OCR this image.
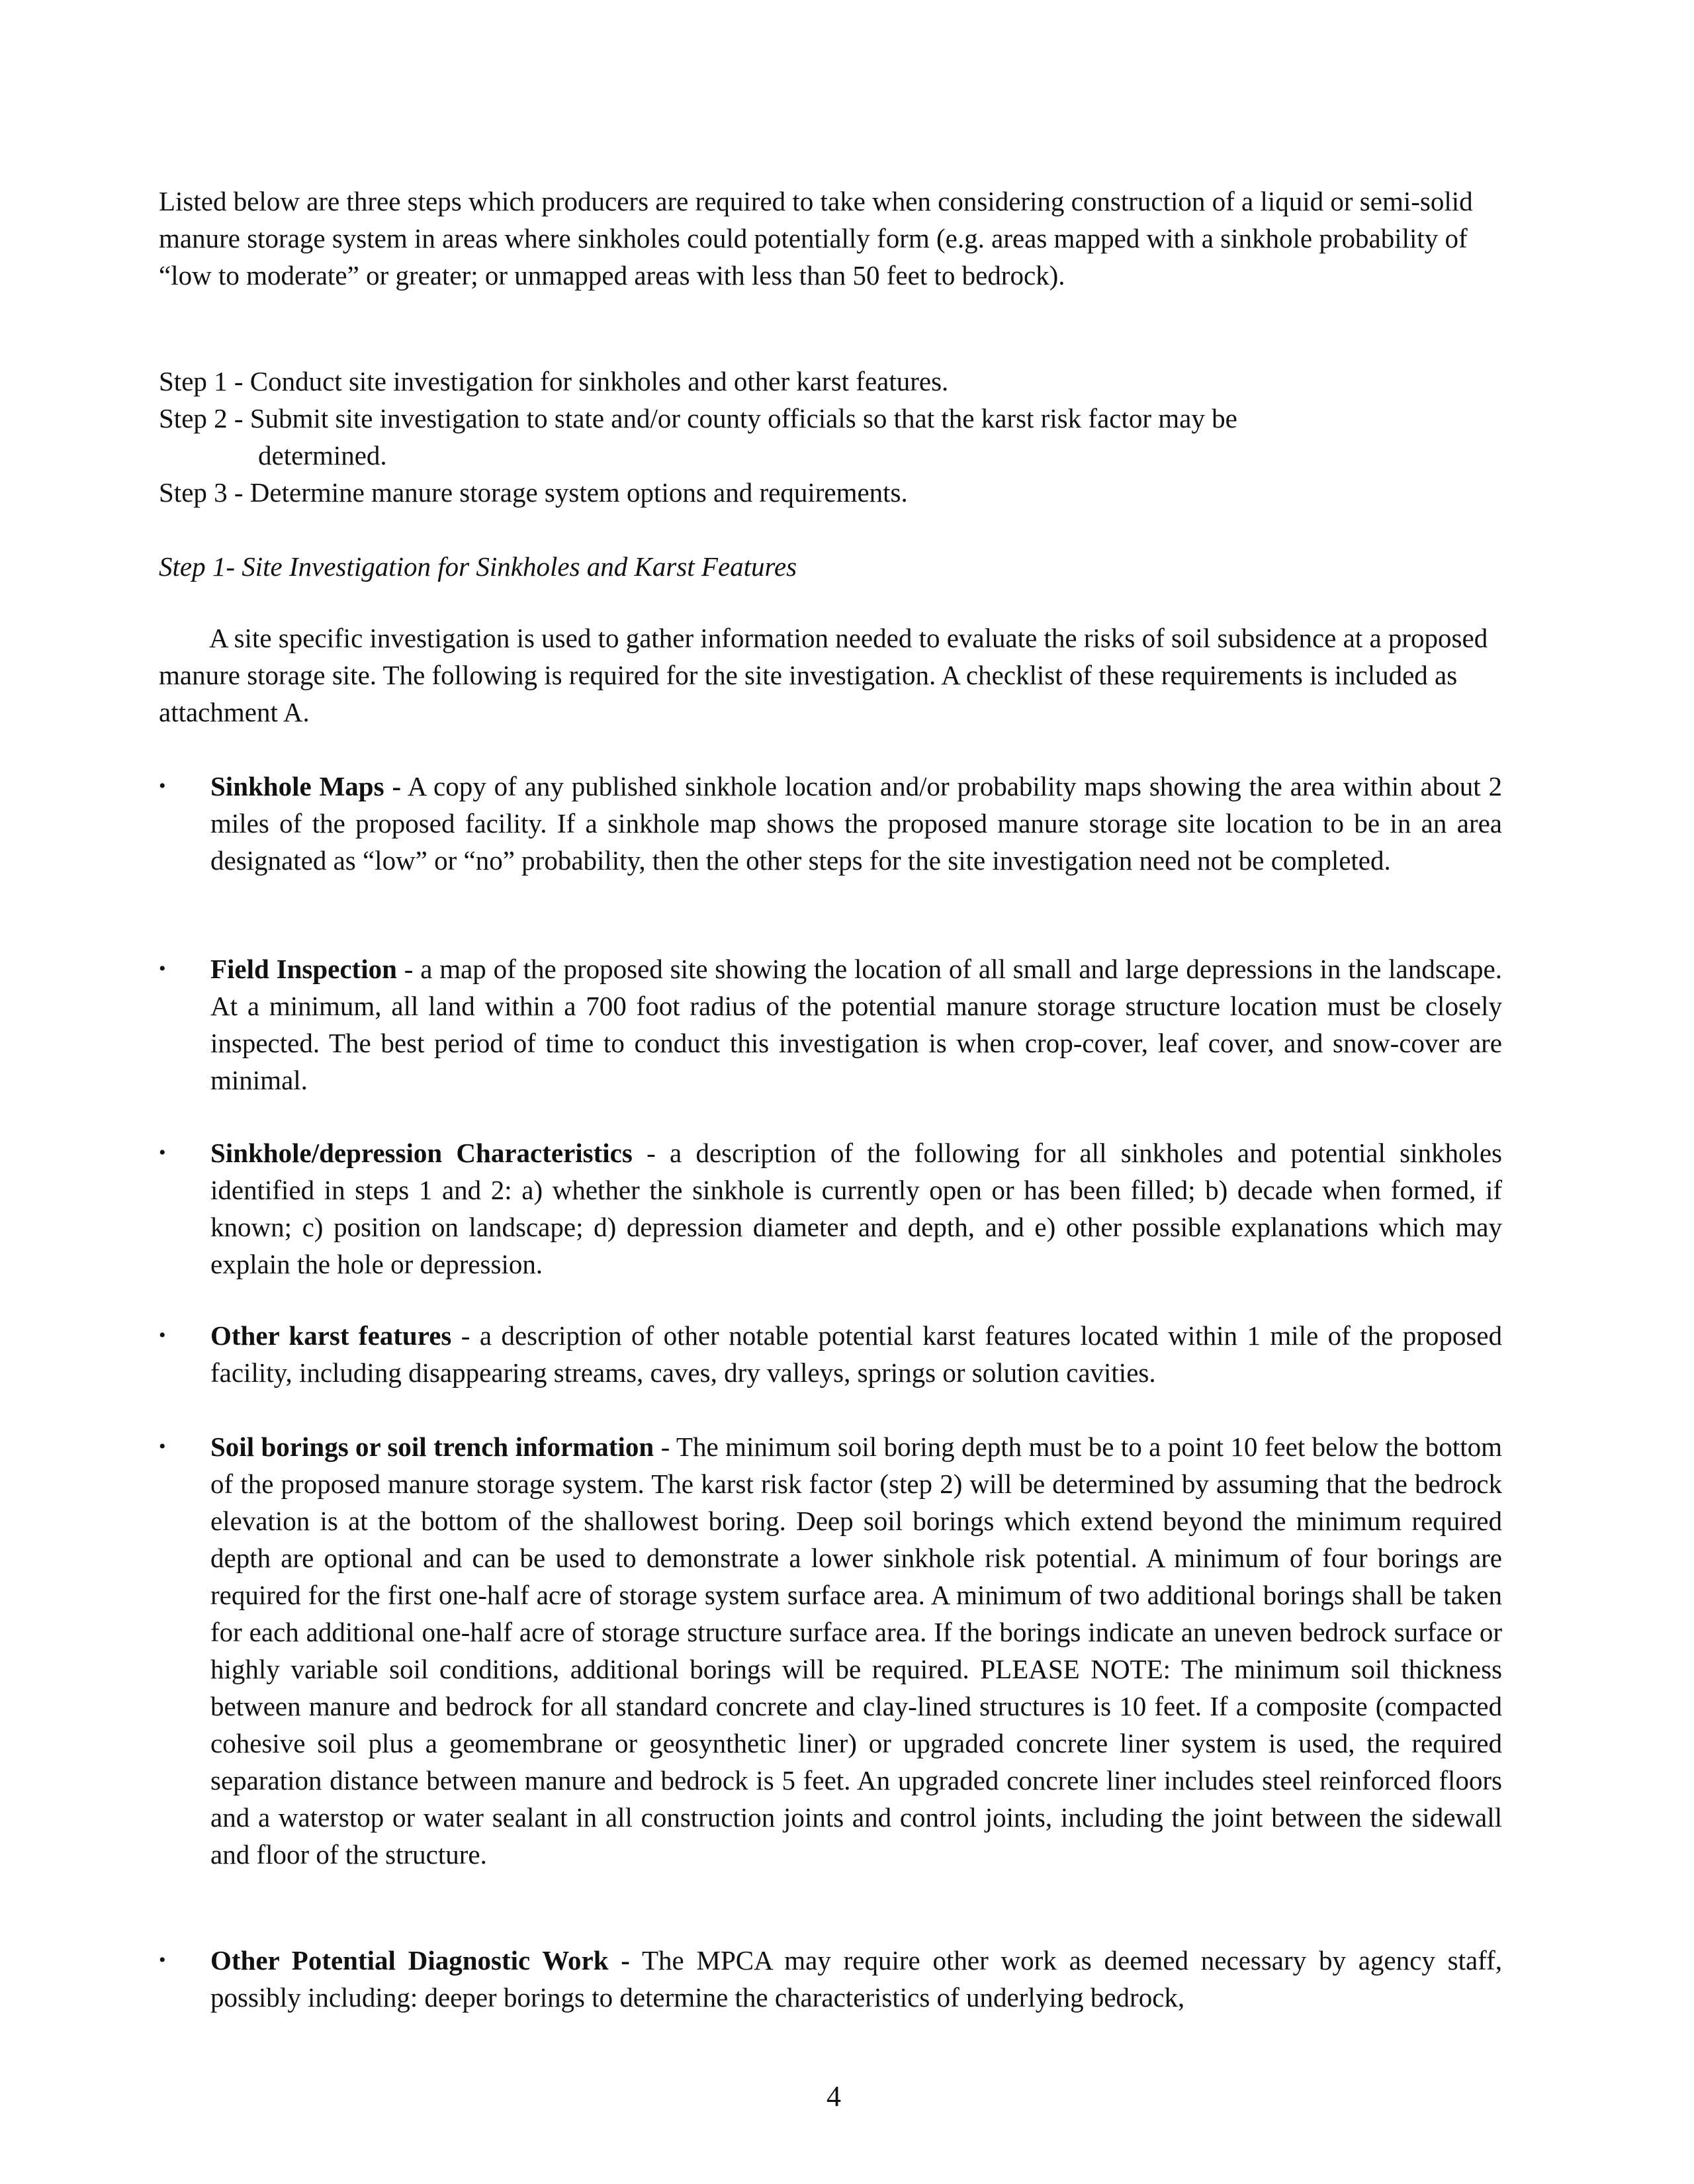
Listed below are three steps which producers are required to take when considering construction of a liquid or semi-solid manure storage system in areas where sinkholes could potentially form (e.g. areas mapped with a sinkhole probability of “low to moderate” or greater; or unmapped areas with less than 50 feet to bedrock).

Step 1 - Conduct site investigation for sinkholes and other karst features.

Step 2 - Submit site investigation to state and/or county officials so that the karst risk factor may be

determined.

Step 3 - Determine manure storage system options and requirements.

Step 1- Site Investigation for Sinkholes and Karst Features

A site specific investigation is used to gather information needed to evaluate the risks of soil subsidence at a proposed manure storage site. The following is required for the site investigation. A checklist of these requirements is included as attachment A.

•	Sinkhole Maps - A copy of any published sinkhole location and/or probability maps showing the area within about 2 miles of the proposed facility. If a sinkhole map shows the proposed manure storage site location to be in an area designated as “low” or “no” probability, then the other steps for the site investigation need not be completed.

•	Field Inspection - a map of the proposed site showing the location of all small and large depressions in the landscape. At a minimum, all land within a 700 foot radius of the potential manure storage structure location must be closely inspected. The best period of time to conduct this investigation is when crop-cover, leaf cover, and snow-cover are minimal.

•	Sinkhole/depression Characteristics - a description of the following for all sinkholes and potential sinkholes identified in steps 1 and 2: a) whether the sinkhole is currently open or has been filled; b) decade when formed, if known; c) position on landscape; d) depression diameter and depth, and e) other possible explanations which may explain the hole or depression.

•	Other karst features - a description of other notable potential karst features located within 1 mile of the proposed facility, including disappearing streams, caves, dry valleys, springs or solution cavities.

•	Soil borings or soil trench information - The minimum soil boring depth must be to a point 10 feet below the bottom of the proposed manure storage system. The karst risk factor (step 2) will be determined by assuming that the bedrock elevation is at the bottom of the shallowest boring. Deep soil borings which extend beyond the minimum required depth are optional and can be used to demonstrate a lower sinkhole risk potential. A minimum of four borings are required for the first one-half acre of storage system surface area. A minimum of two additional borings shall be taken for each additional one-half acre of storage structure surface area. If the borings indicate an uneven bedrock surface or highly variable soil conditions, additional borings will be required. PLEASE NOTE: The minimum soil thickness between manure and bedrock for all standard concrete and clay-lined structures is 10 feet. If a composite (compacted cohesive soil plus a geomembrane or geosynthetic liner) or upgraded concrete liner system is used, the required separation distance between manure and bedrock is 5 feet. An upgraded concrete liner includes steel reinforced floors and a waterstop or water sealant in all construction joints and control joints, including the joint between the sidewall and floor of the structure.

•	Other Potential Diagnostic Work - The MPCA may require other work as deemed necessary by agency staff, possibly including: deeper borings to determine the characteristics of underlying bedrock,

4
